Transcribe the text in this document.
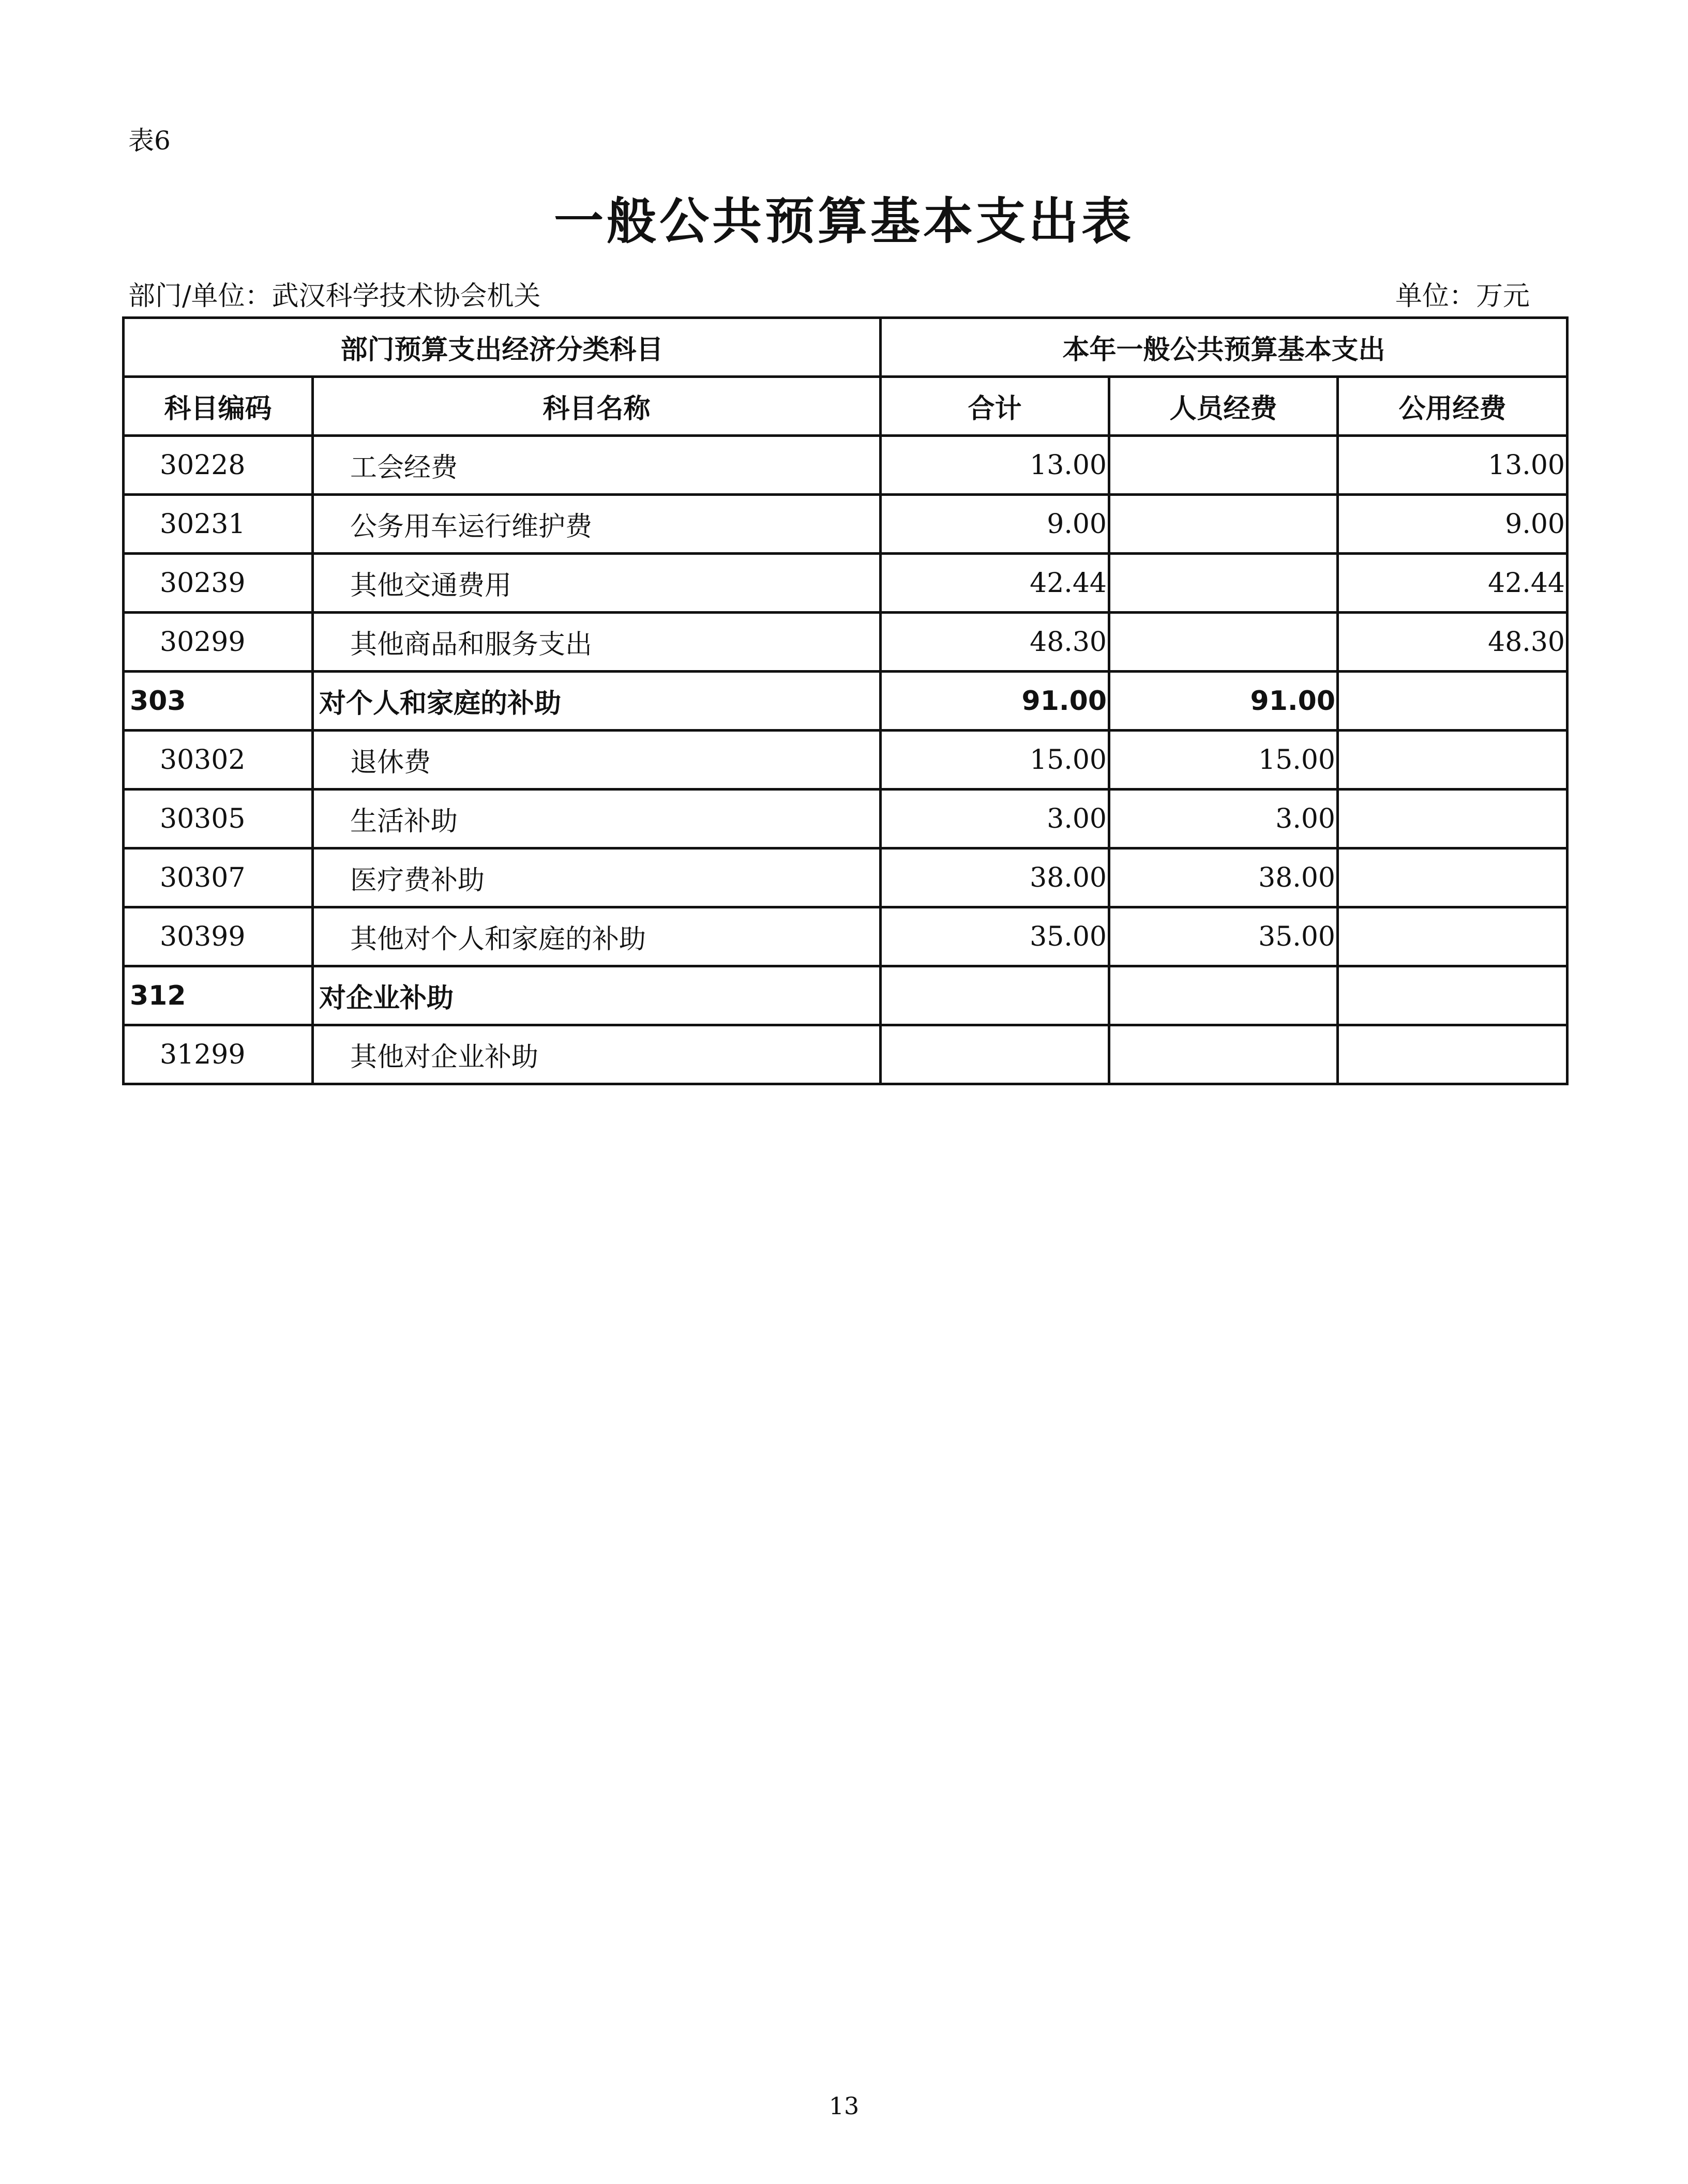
表6
一般公共预算基本支出表
部门/单位：武汉科学技术协会机关	单位：万元
部门预算支出经济分类科目		本年一般公共预算基本支出		
科目编码	科目名称	合计	人员经费	公用经费
30228	工会经费	13.00		13.00
30231	公务用车运行维护费	9.00		9.00
30239	其他交通费用	42.44		42.44
30299	其他商品和服务支出	48.30		48.30
303	对个人和家庭的补助	91.00	91.00	
30302	退休费	15.00	15.00	
30305	生活补助	3.00	3.00	
30307	医疗费补助	38.00	38.00	
30399	其他对个人和家庭的补助	35.00	35.00	
312	对企业补助			
31299	其他对企业补助			
13
